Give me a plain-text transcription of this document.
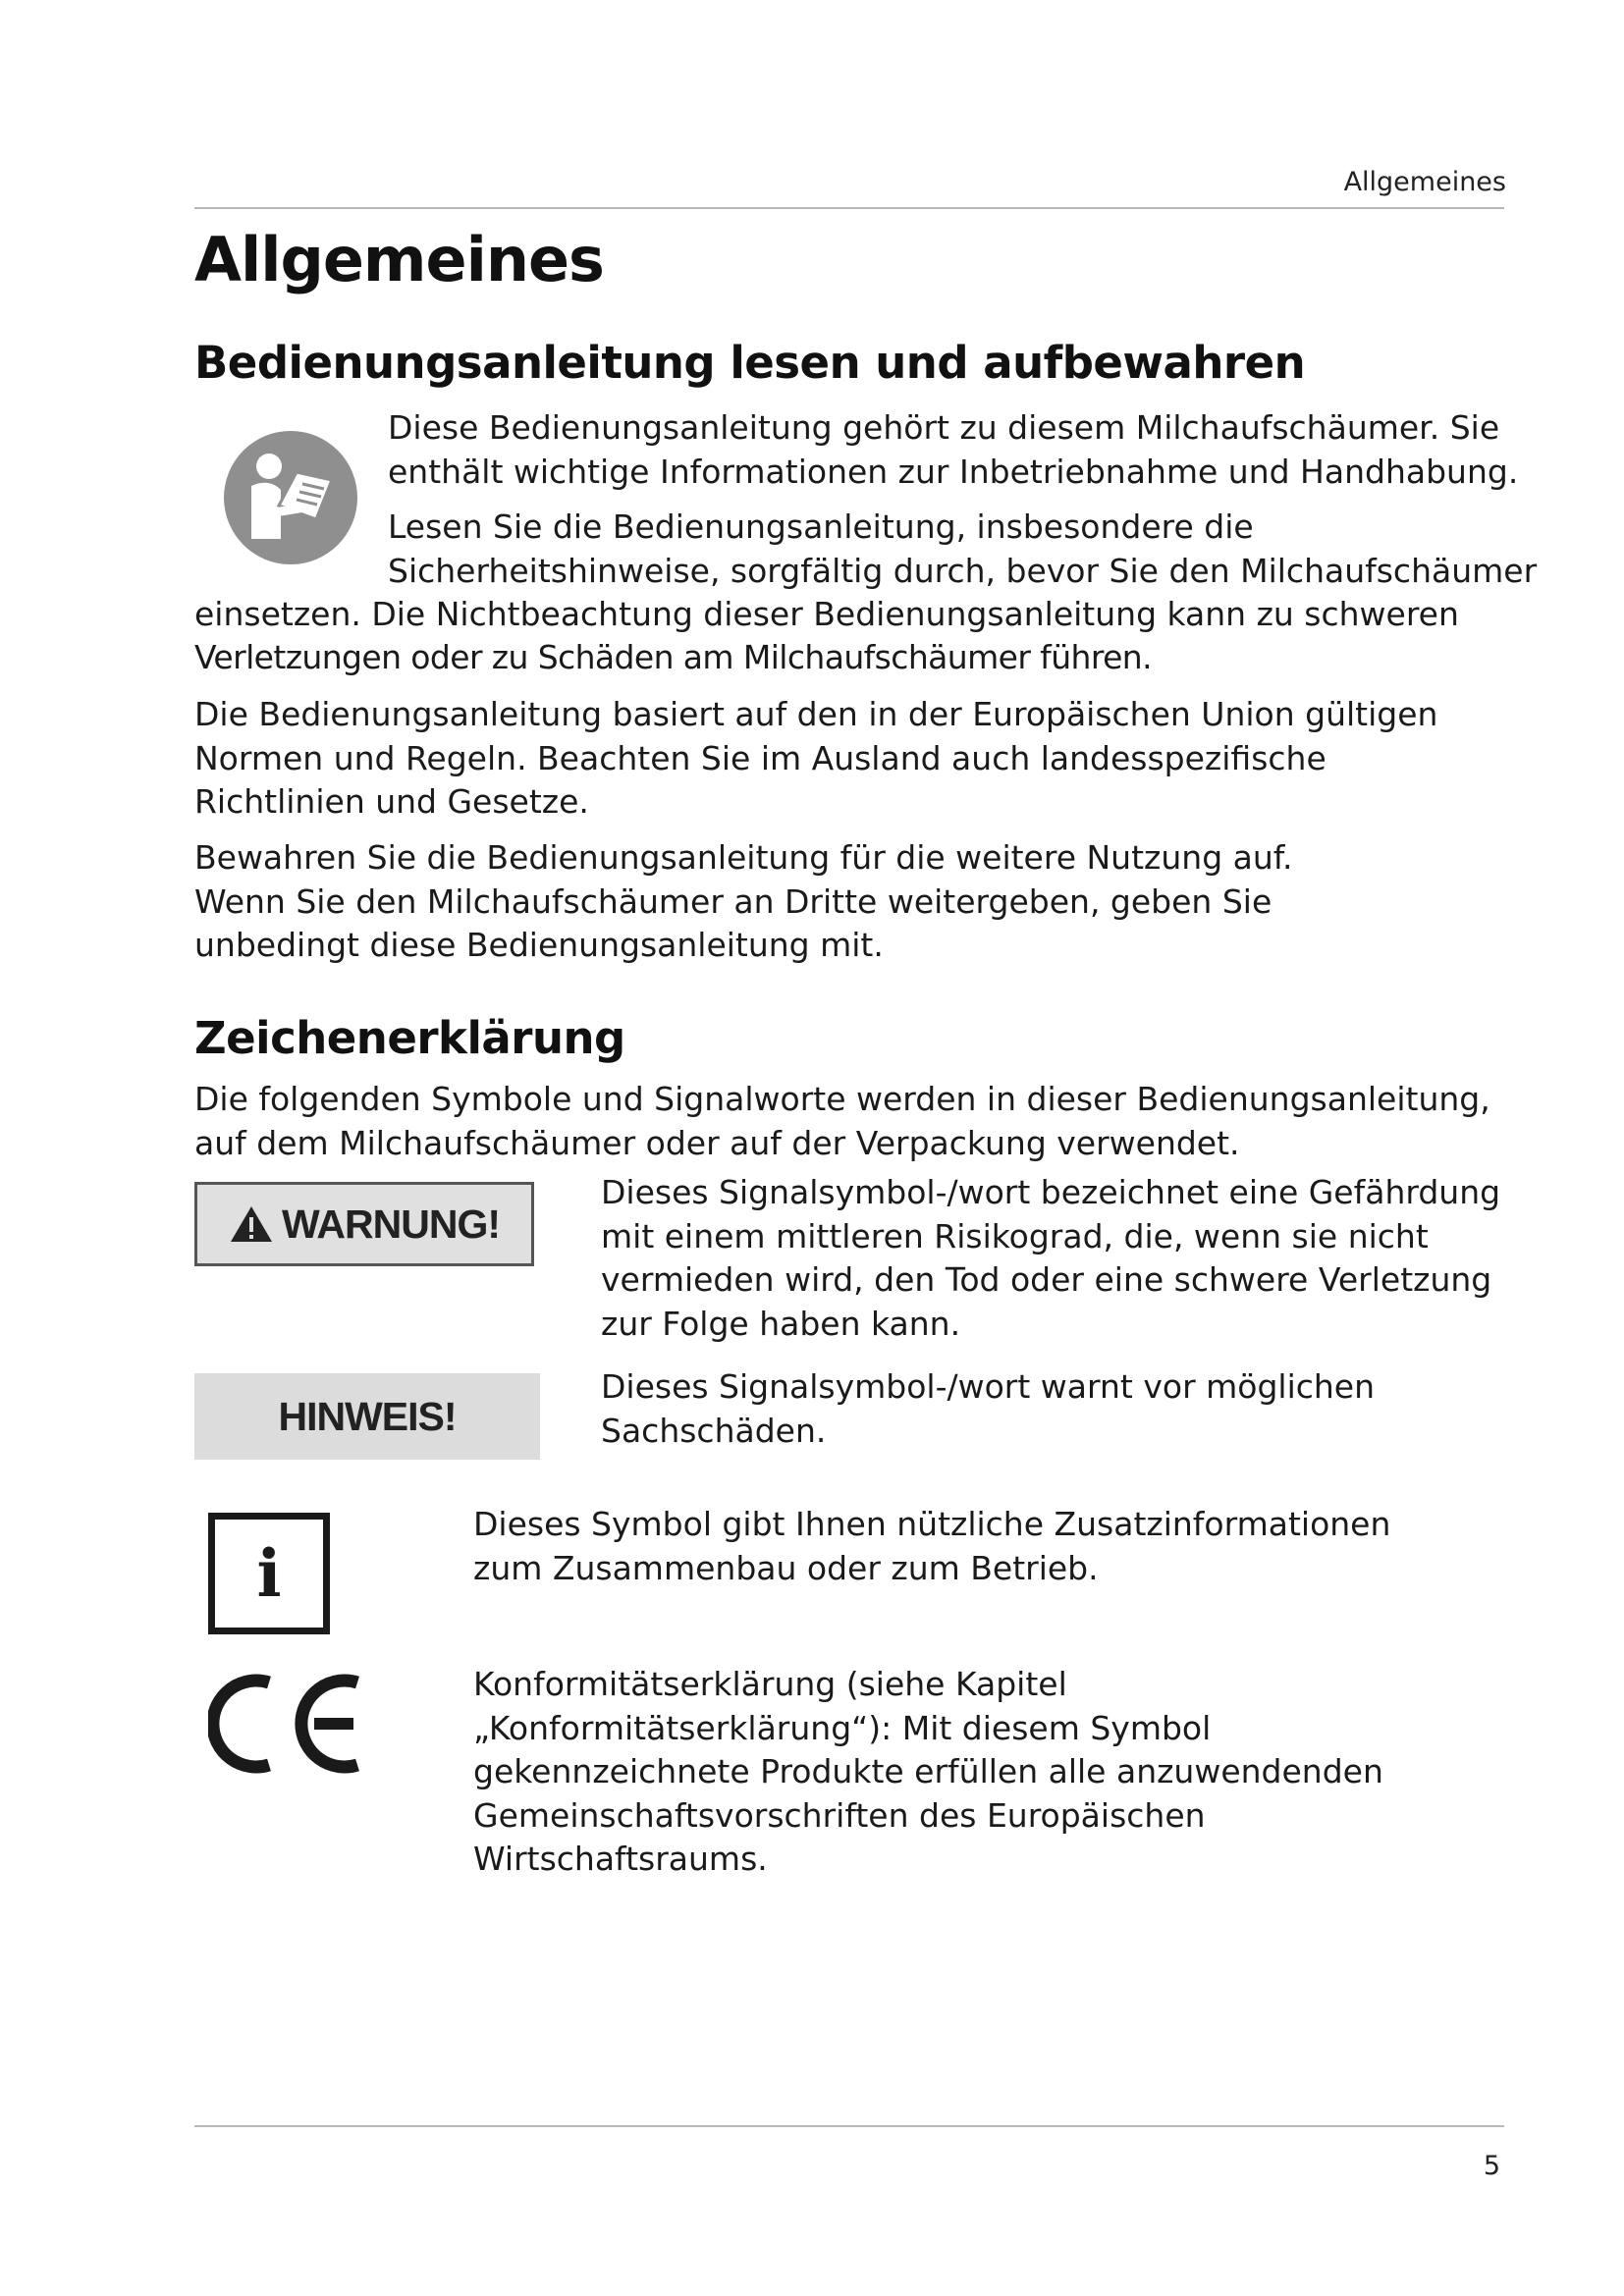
Allgemeines
Allgemeines
Bedienungsanleitung lesen und aufbewahren
Diese Bedienungsanleitung gehört zu diesem Milchaufschäumer. Sie
enthält wichtige Informationen zur Inbetriebnahme und Handhabung.
Lesen Sie die Bedienungsanleitung, insbesondere die
Sicherheitshinweise, sorgfältig durch, bevor Sie den Milchaufschäumer
einsetzen. Die Nichtbeachtung dieser Bedienungsanleitung kann zu schweren
Verletzungen oder zu Schäden am Milchaufschäumer führen.

Die Bedienungsanleitung basiert auf den in der Europäischen Union gültigen Normen und Regeln. Beachten Sie im Ausland auch landesspezifische Richtlinien und Gesetze.

Bewahren Sie die Bedienungsanleitung für die weitere Nutzung auf. Wenn Sie den Milchaufschäumer an Dritte weitergeben, geben Sie unbedingt diese Bedienungsanleitung mit.

Zeichenerklärung

Die folgenden Symbole und Signalworte werden in dieser Bedienungsanleitung, auf dem Milchaufschäumer oder auf der Verpackung verwendet.

WARNUNG!

Dieses Signalsymbol-/wort bezeichnet eine Gefährdung mit einem mittleren Risikograd, die, wenn sie nicht vermieden wird, den Tod oder eine schwere Verletzung zur Folge haben kann.

HINWEIS!

Dieses Signalsymbol-/wort warnt vor möglichen Sachschäden.

i

Dieses Symbol gibt Ihnen nützliche Zusatzinformationen zum Zusammenbau oder zum Betrieb.

Konformitätserklärung (siehe Kapitel „Konformitätserklärung“): Mit diesem Symbol gekennzeichnete Produkte erfüllen alle anzuwendenden Gemeinschaftsvorschriften des Europäischen Wirtschaftsraums.

5
